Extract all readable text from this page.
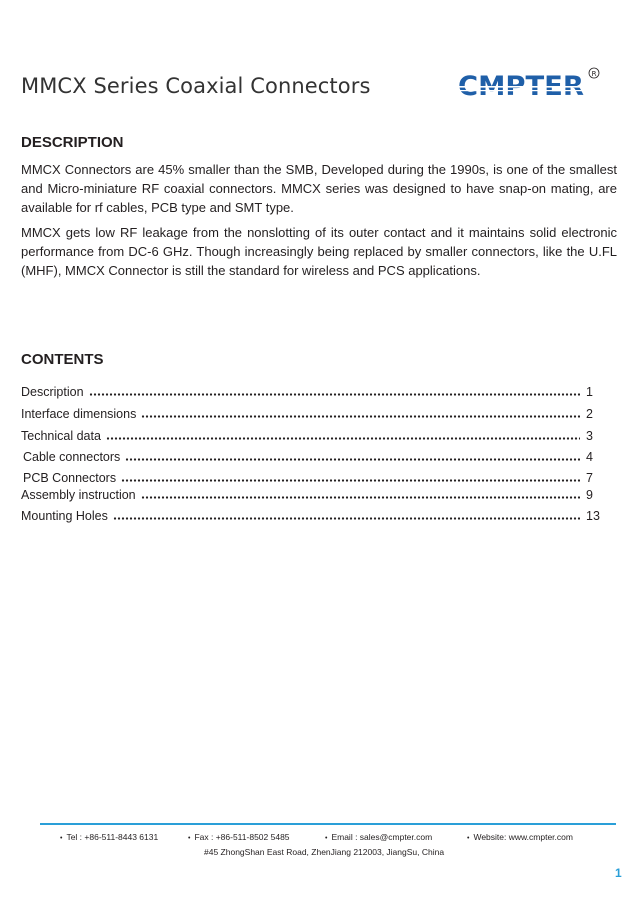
MMCX Series Coaxial Connectors	R
DESCRIPTION
MMCX Connectors are 45% smaller than the SMB, Developed during the 1990s, is one of the smallest and Micro-miniature RF coaxial connectors. MMCX series was designed to have snap-on mating, are available for rf cables, PCB type and SMT type.
MMCX gets low RF leakage from the nonslotting of its outer contact and it maintains solid electronic performance from DC-6 GHz. Though increasingly being replaced by smaller connectors, like the U.FL (MHF), MMCX Connector is still the standard for wireless and PCS applications.
CONTENTS
Description	1
Interface dimensions	2
Technical data	3
Cable connectors	4
PCB Connectors	7
Assembly instruction	9
Mounting Holes	13
• Tel : +86-511-8443 6131	• Fax : +86-511-8502 5485	• Email : sales@cmpter.com	• Website: www.cmpter.com
#45 ZhongShan East Road, ZhenJiang 212003, JiangSu, China
1
